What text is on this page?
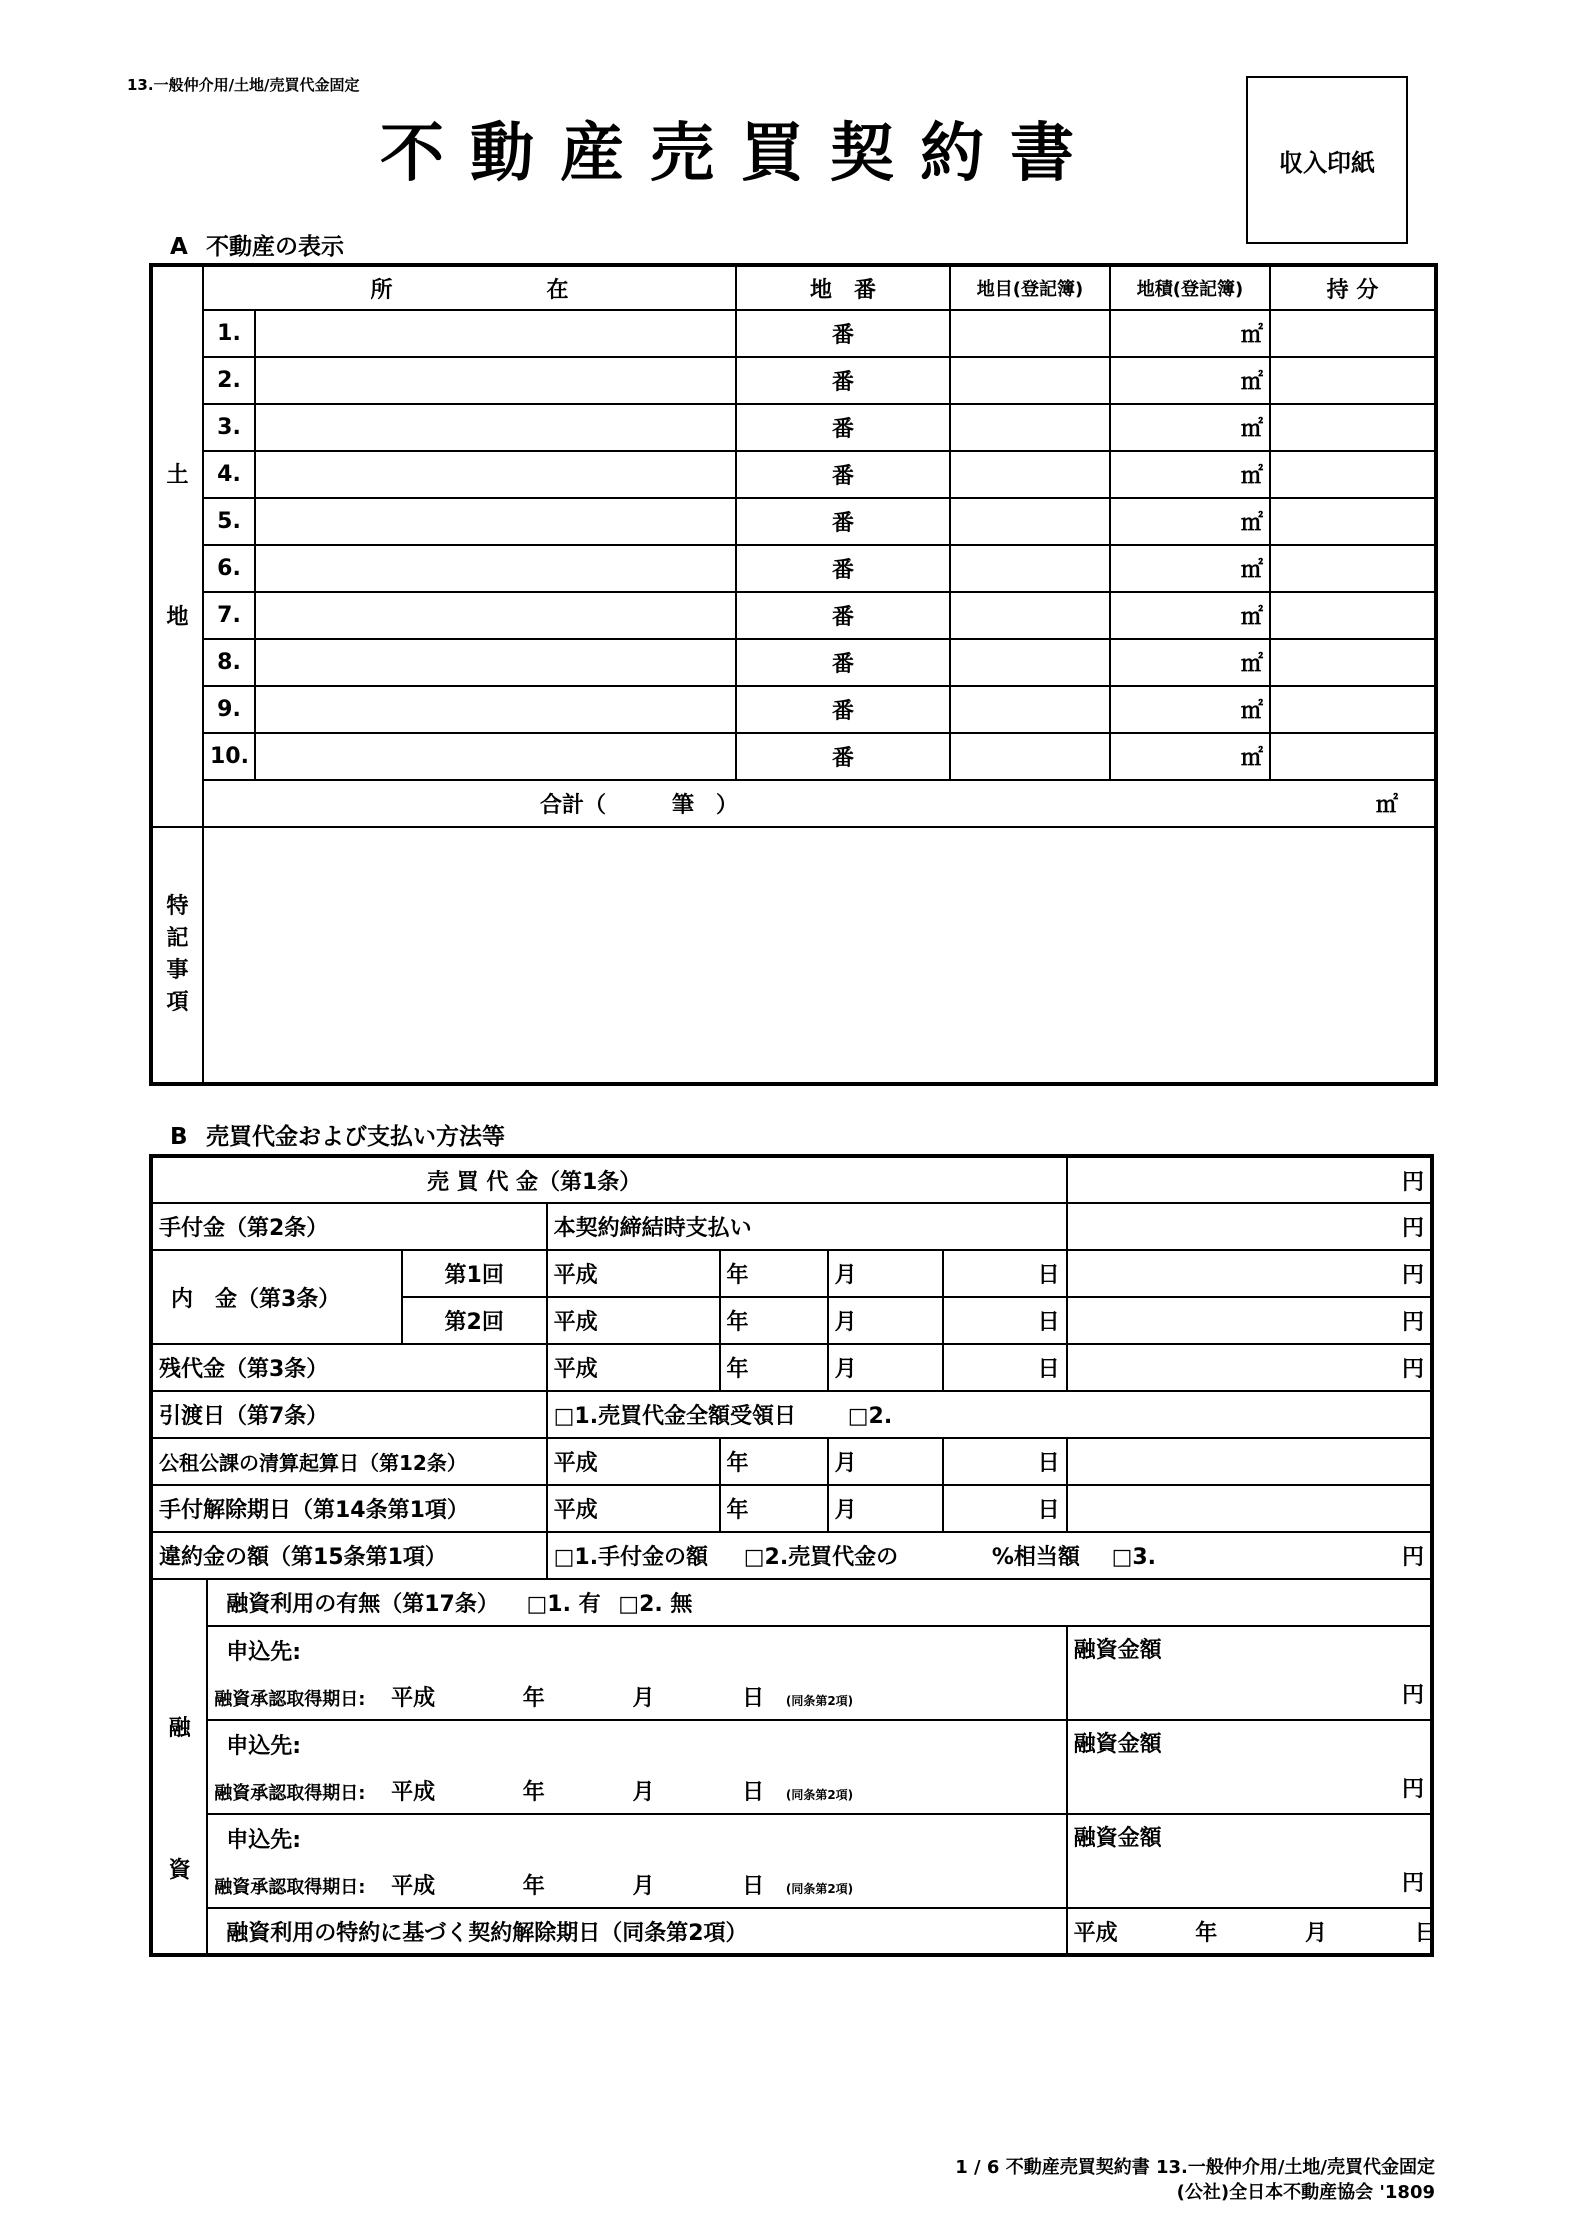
13.一般仲介用/土地/売買代金固定
不動産売買契約書	収入印紙
A 不動産の表示
土
地	所　　　　　　　在		地　番	地目(登記簿)	地積(登記簿)	持 分
	1.		番		㎡	
	2.		番		㎡	
	3.		番		㎡	
	4.		番		㎡	
	5.		番		㎡	
	6.		番		㎡	
	7.		番		㎡	
	8.		番		㎡	
	9.		番		㎡	
	10.		番		㎡	

	合計（　　　筆　） ㎡					

特記事項						

B 売買代金および支払い方法等
売 買 代 金（第1条）							円
手付金（第2条）			本契約締結時支払い				円
内　金（第3条）		第1回	平成	年	月	日	円
		第2回	平成	年	月	日	円
残代金（第3条）			平成	年	月	日	円
引渡日（第7条）			□1.売買代金全額受領日 □2.				
公租公課の清算起算日（第12条）			平成	年	月	日	
手付解除期日（第14条第1項）			平成	年	月	日	
違約金の額（第15条第1項）			□1.手付金の額 □2.売買代金の %相当額 □3. 円				

融
資	融資利用の有無（第17条） □1. 有 □2. 無						
	申込先:						融資金額
円

	融資承認取得期日: 平成 年 月 日 (同条第2項)						
	申込先:						融資金額
円

	融資承認取得期日: 平成 年 月 日 (同条第2項)						
	申込先:						融資金額
円

	融資承認取得期日: 平成 年 月 日 (同条第2項)						
	融資利用の特約に基づく契約解除期日（同条第2項）						平成 年 月 日
1 / 6 不動産売買契約書 13.一般仲介用/土地/売買代金固定
(公社)全日本不動産協会 '1809
